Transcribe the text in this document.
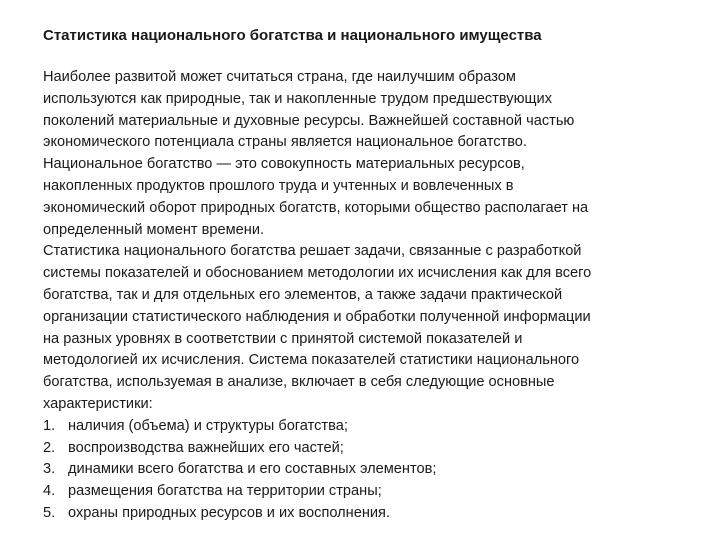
Статистика национального богатства и национального имущества
Наиболее развитой может считаться страна, где наилучшим образом
используются как природные, так и накопленные трудом предшествующих
поколений материальные и духовные ресурсы. Важнейшей составной частью
экономического потенциала страны является национальное богатство.
Национальное богатство — это совокупность материальных ресурсов,
накопленных продуктов прошлого труда и учтенных и вовлеченных в
экономический оборот природных богатств, которыми общество располагает на
определенный момент времени.
Статистика национального богатства решает задачи, связанные с разработкой
системы показателей и обоснованием методологии их исчисления как для всего
богатства, так и для отдельных его элементов, а также задачи практической
организации статистического наблюдения и обработки полученной информации
на разных уровнях в соответствии с принятой системой показателей и
методологией их исчисления. Система показателей статистики национального
богатства, используемая в анализе, включает в себя следующие основные
характеристики:
1. наличия (объема) и структуры богатства;
2. воспроизводства важнейших его частей;
3. динамики всего богатства и его составных элементов;
4. размещения богатства на территории страны;
5. охраны природных ресурсов и их восполнения.
